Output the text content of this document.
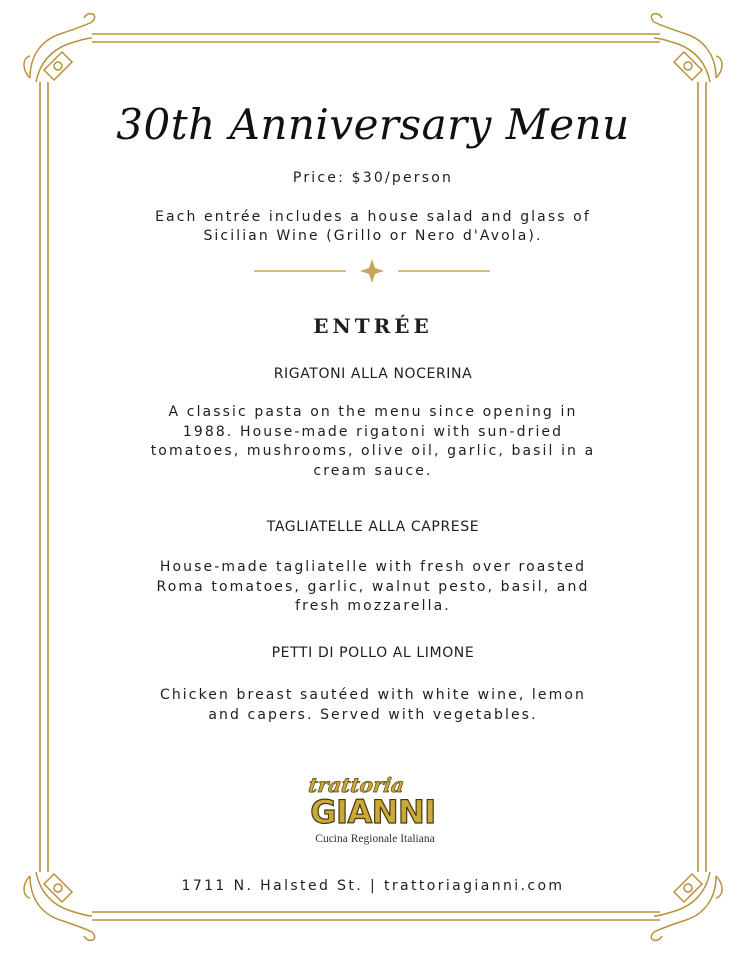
30th Anniversary Menu
Price: $30/person
Each entrée includes a house salad and glass of
Sicilian Wine (Grillo or Nero d'Avola).
ENTRÉE
RIGATONI ALLA NOCERINA
A classic pasta on the menu since opening in
1988. House-made rigatoni with sun-dried
tomatoes, mushrooms, olive oil, garlic, basil in a
cream sauce.
TAGLIATELLE ALLA CAPRESE
House-made tagliatelle with fresh over roasted
Roma tomatoes, garlic, walnut pesto, basil, and
fresh mozzarella.
PETTI DI POLLO AL LIMONE
Chicken breast sautéed with white wine, lemon
and capers. Served with vegetables.
trattoria
GIANNI
Cucina Regionale Italiana
1711 N. Halsted St. | trattoriagianni.com
